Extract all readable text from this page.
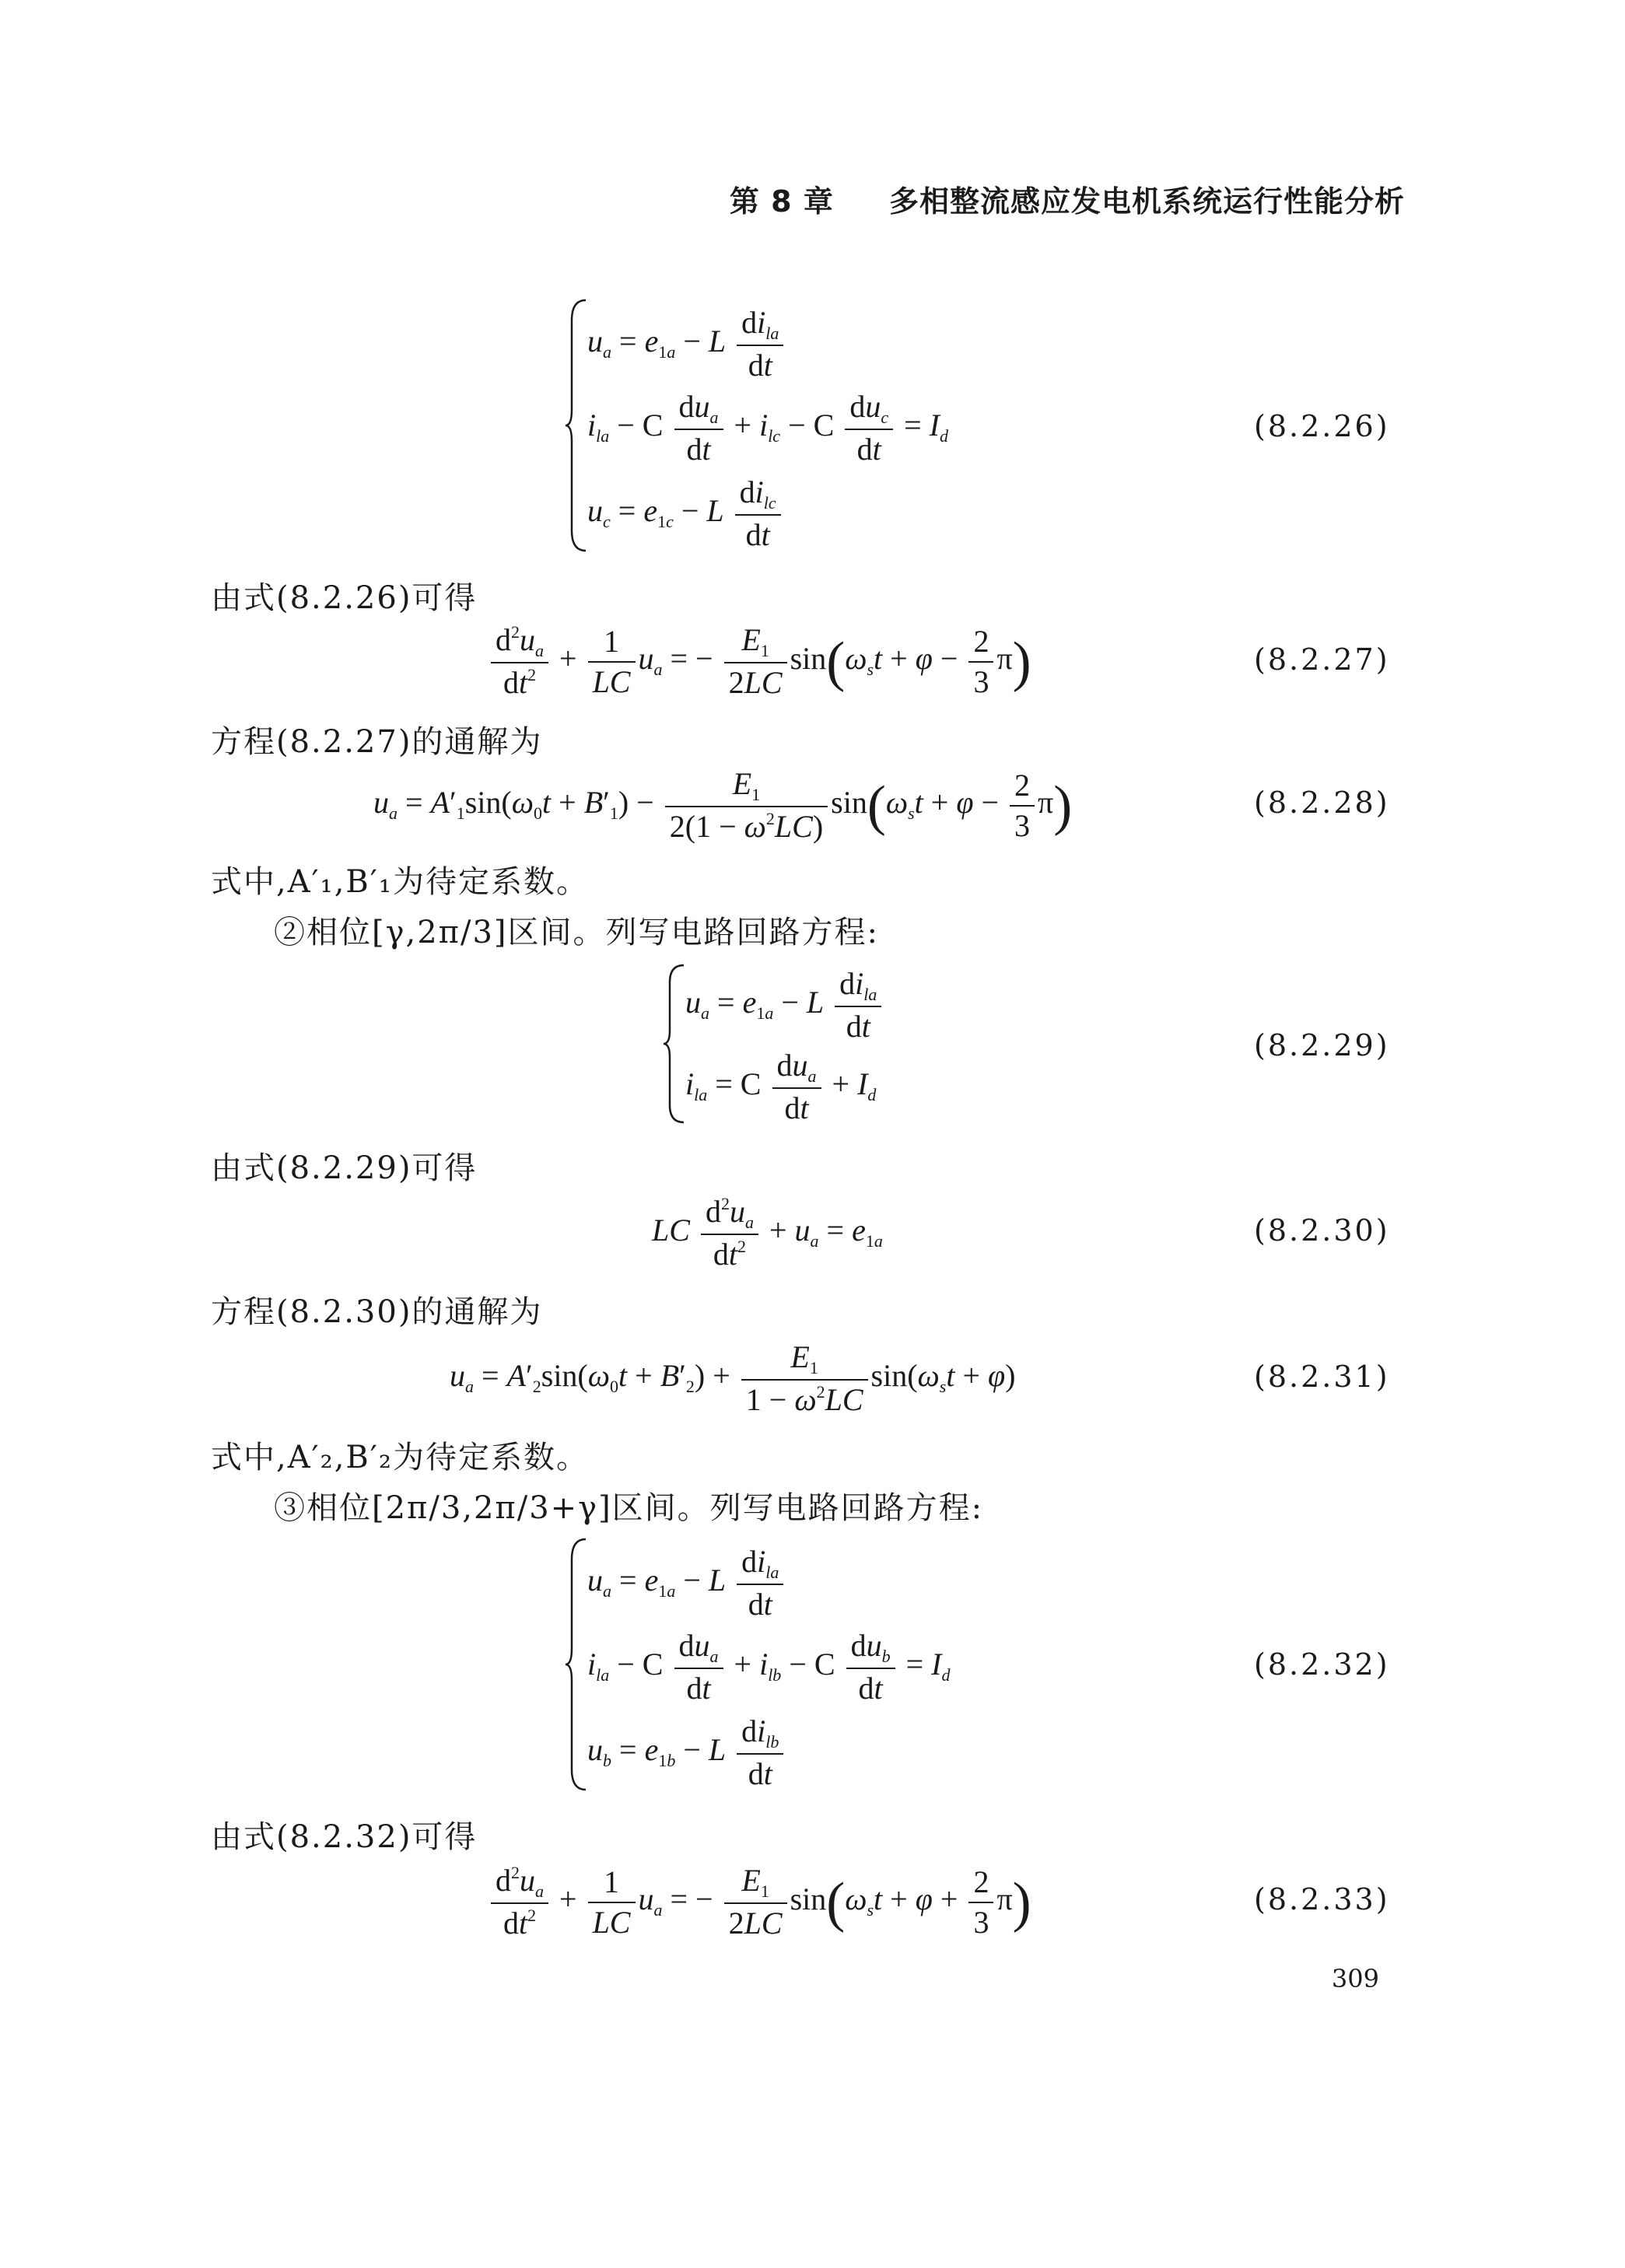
第 8 章 多相整流感应发电机系统运行性能分析
$u_a = e_{1a} - L \frac{di_{la}}{dt}$
$i_{la} - C \frac{du_a}{dt} + i_{lc} - C \frac{du_c}{dt} = I_d$
$u_c = e_{1c} - L \frac{di_{lc}}{dt}$
(8.2.26)
由式(8.2.26)可得
$\frac{d^2u_a}{dt^2} + \frac{1}{LC} u_a$ = − $\frac{E_1}{2LC} \sin(\omega_st + \varphi - \frac{2}{3} \pi)$	(8.2.27)
方程(8.2.27)的通解为
$u_a = A'_1\sin(\omega_0t + B'_1) - \frac{E_1}{2(1 - \omega^2LC)} \sin(\omega_st + \varphi - \frac{2}{3} \pi)$	(8.2.28)
式中,A′₁,B′₁为待定系数。
②相位[γ,2π/3]区间。列写电路回路方程:
$u_a = e_{1a} - L \frac{di_{la}}{dt}$
$i_{la} = C \frac{du_a}{dt} + I_d$
(8.2.29)
由式(8.2.29)可得
LC $\frac{d^2u_a}{dt^2} + u_a = e_{1a}$	(8.2.30)
方程(8.2.30)的通解为
$u_a = A'_2\sin(\omega_0t + B'_2) + \frac{E_1}{1 - \omega^2LC} \sin(\omega_st + \varphi)$	(8.2.31)
式中,A′₂,B′₂为待定系数。
③相位[2π/3,2π/3+γ]区间。列写电路回路方程:
$u_a = e_{1a} - L \frac{di_{la}}{dt}$
$i_{la} - C \frac{du_a}{dt} + i_{lb} - C \frac{du_b}{dt} = I_d$
$u_b = e_{1b} - L \frac{di_{lb}}{dt}$
(8.2.32)
由式(8.2.32)可得
$\frac{d^2u_a}{dt^2} + \frac{1}{LC} u_a$ = − $\frac{E_1}{2LC} \sin(\omega_st + \varphi + \frac{2}{3} \pi)$	(8.2.33)
309
